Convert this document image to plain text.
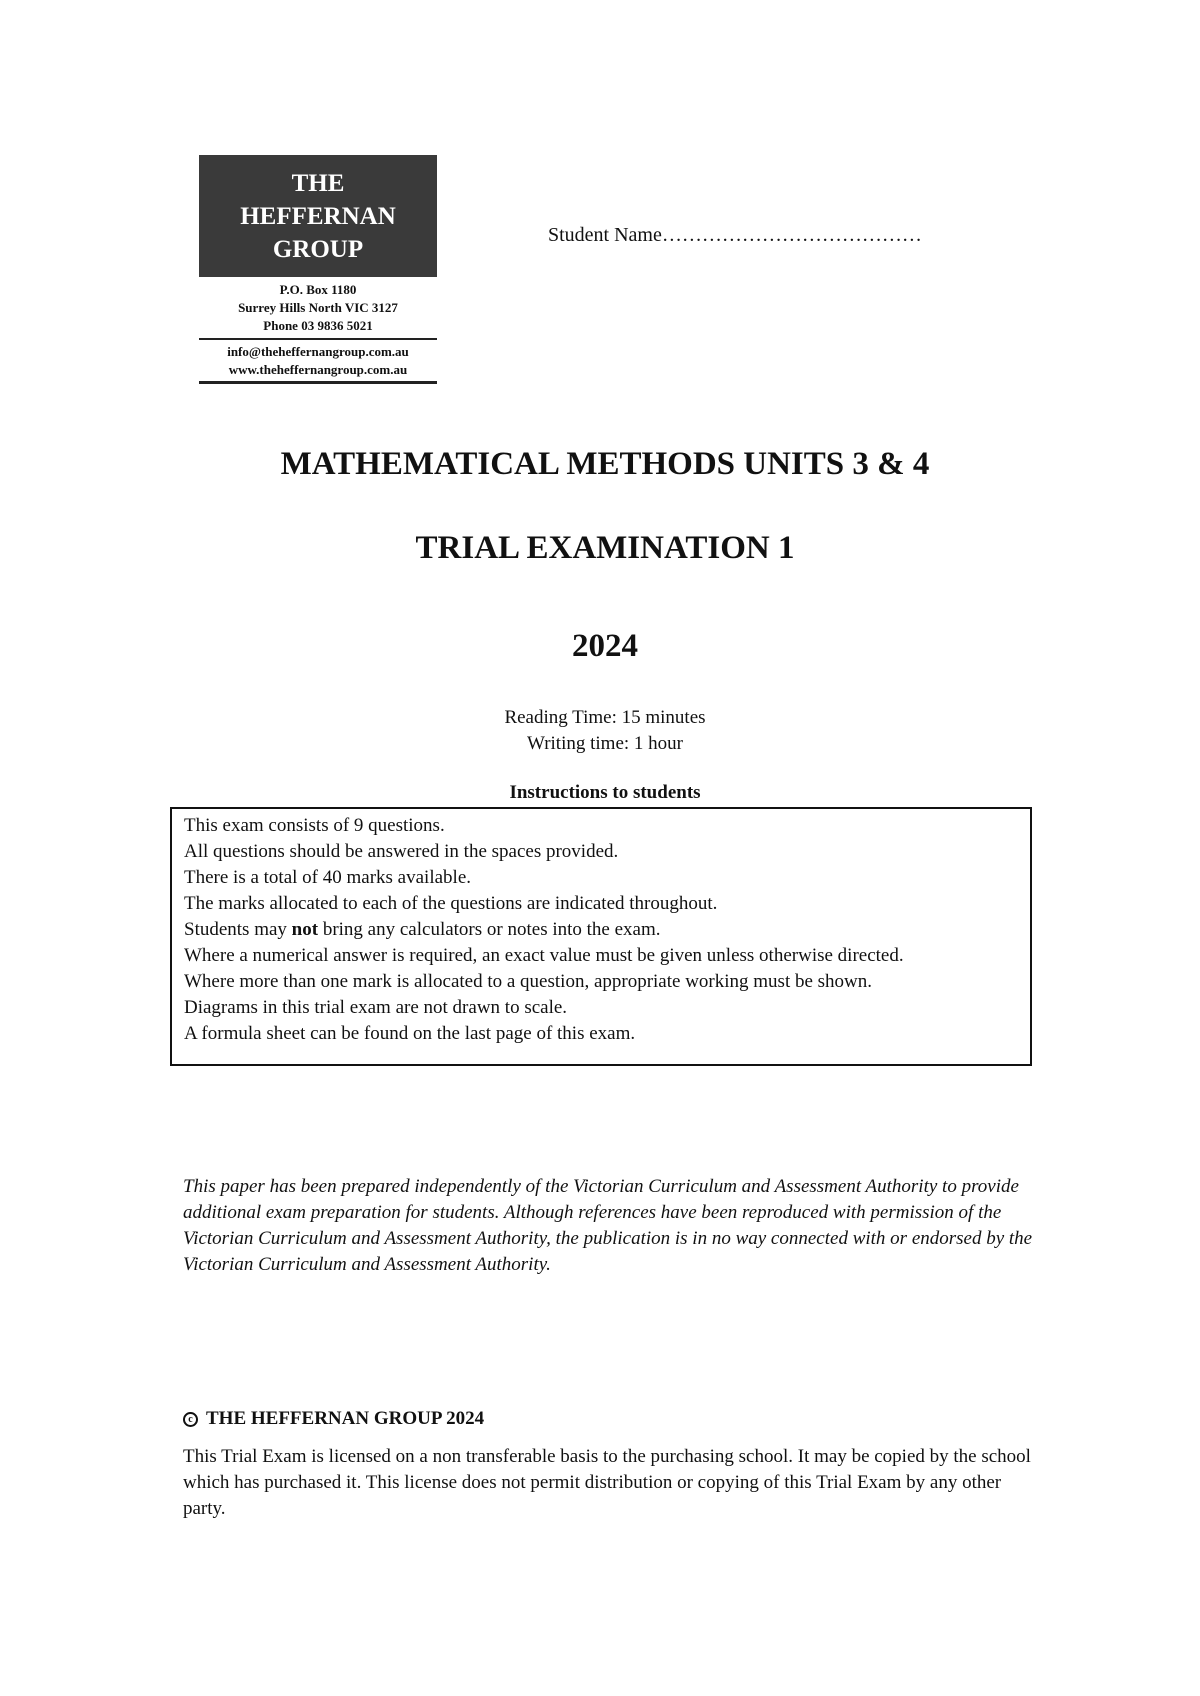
THE
HEFFERNAN
GROUP
P.O. Box 1180
Surrey Hills North VIC 3127
Phone 03 9836 5021
info@theheffernangroup.com.au
www.theheffernangroup.com.au
Student Name…………………………………
MATHEMATICAL METHODS UNITS 3 & 4
TRIAL EXAMINATION 1
2024
Reading Time: 15 minutes
Writing time: 1 hour
Instructions to students
This exam consists of 9 questions.
All questions should be answered in the spaces provided.
There is a total of 40 marks available.
The marks allocated to each of the questions are indicated throughout.
Students may not bring any calculators or notes into the exam.
Where a numerical answer is required, an exact value must be given unless otherwise directed.
Where more than one mark is allocated to a question, appropriate working must be shown.
Diagrams in this trial exam are not drawn to scale.
A formula sheet can be found on the last page of this exam.
This paper has been prepared independently of the Victorian Curriculum and Assessment Authority to provide additional exam preparation for students. Although references have been reproduced with permission of the Victorian Curriculum and Assessment Authority, the publication is in no way connected with or endorsed by the Victorian Curriculum and Assessment Authority.
c THE HEFFERNAN GROUP 2024
This Trial Exam is licensed on a non transferable basis to the purchasing school. It may be copied by the school which has purchased it. This license does not permit distribution or copying of this Trial Exam by any other party.
